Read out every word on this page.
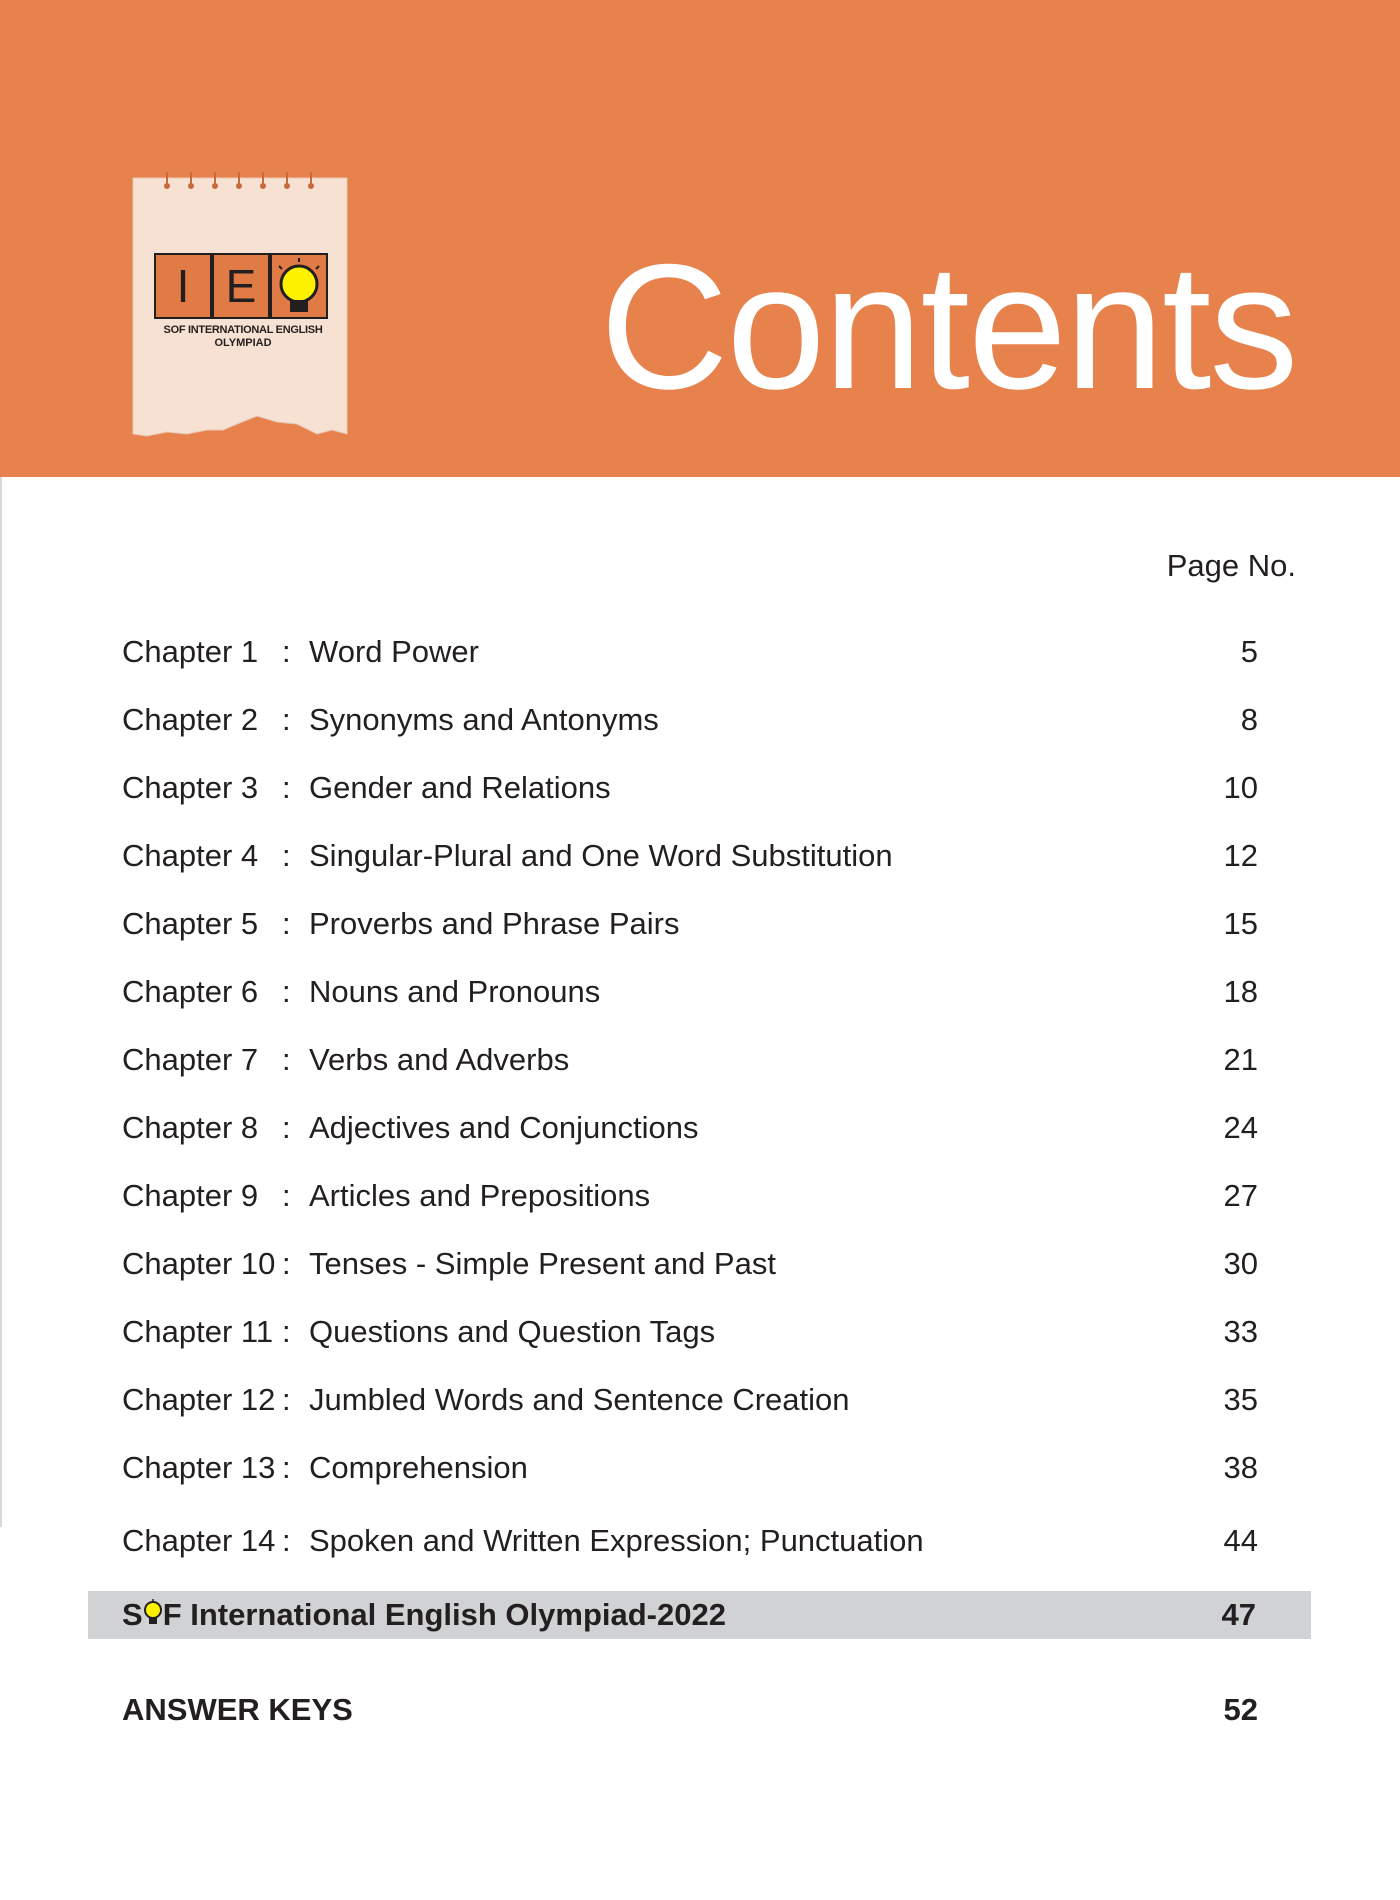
I E
SOF INTERNATIONAL ENGLISH
OLYMPIAD	Contents
Page No.
Chapter 1 : Word Power	5
Chapter 2 : Synonyms and Antonyms	8
Chapter 3 : Gender and Relations	10
Chapter 4 : Singular-Plural and One Word Substitution	12
Chapter 5 : Proverbs and Phrase Pairs	15
Chapter 6 : Nouns and Pronouns	18
Chapter 7 : Verbs and Adverbs	21
Chapter 8 : Adjectives and Conjunctions	24
Chapter 9 : Articles and Prepositions	27
Chapter 10 : Tenses - Simple Present and Past	30
Chapter 11 : Questions and Question Tags	33
Chapter 12 : Jumbled Words and Sentence Creation	35
Chapter 13 : Comprehension	38
Chapter 14 : Spoken and Written Expression; Punctuation	44
S F International English Olympiad-2022	47
ANSWER KEYS	52
